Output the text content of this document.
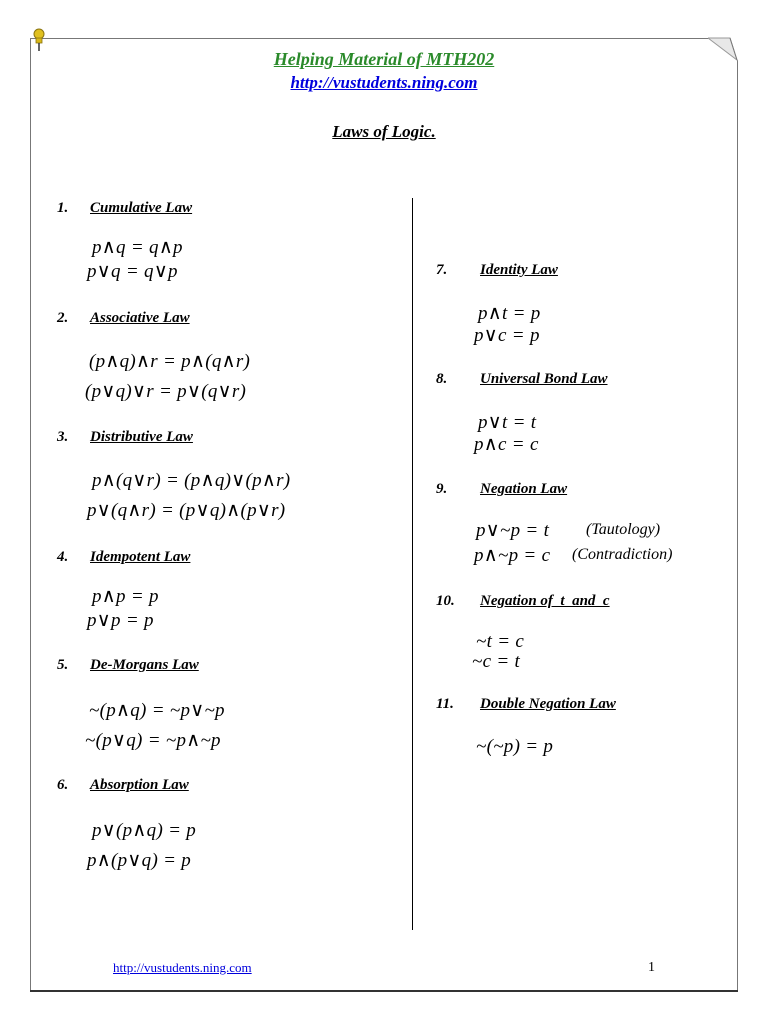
Helping Material of MTH202
http://vustudents.ning.com
Laws of Logic.
1. Cumulative Law
p∧q = q∧p
p∨q = q∨p
2. Associative Law
(p∧q)∧r = p∧(q∧r)
(p∨q)∨r = p∨(q∨r)
3. Distributive Law
p∧(q∨r) = (p∧q)∨(p∧r)
p∨(q∧r) = (p∨q)∧(p∨r)
4. Idempotent Law
p∧p = p
p∨p = p
5. De-Morgans Law
~(p∧q) = ~p∨~p
~(p∨q) = ~p∧~p
6. Absorption Law
p∨(p∧q) = p
p∧(p∨q) = p
7. Identity Law
p∧t = p
p∨c = p
8. Universal Bond Law
p∨t = t
p∧c = c
9. Negation Law
p∨~p = t (Tautology)
p∧~p = c (Contradiction)
10. Negation of  t  and  c
~t = c
~c = t
11. Double Negation Law
~(~p) = p
http://vustudents.ning.com	1
